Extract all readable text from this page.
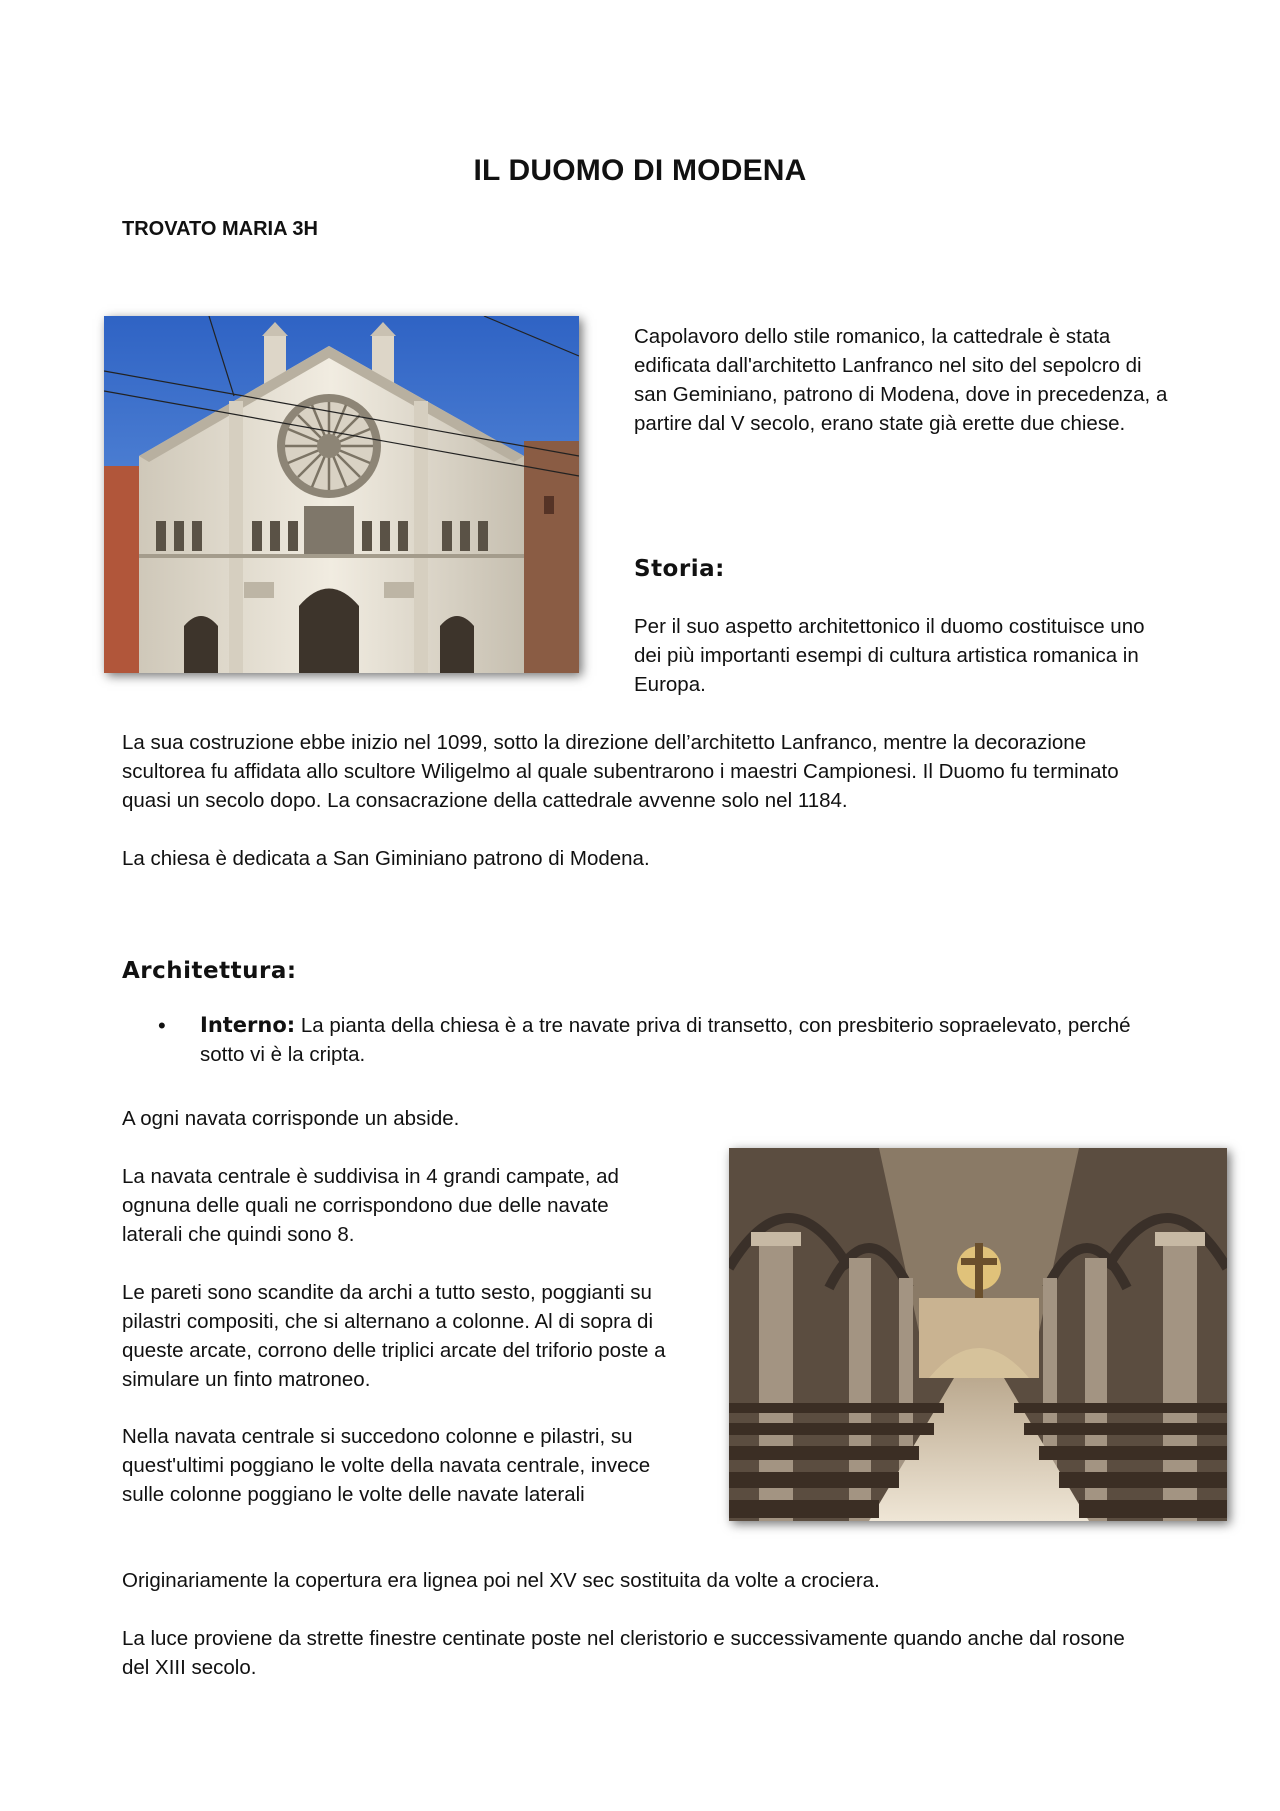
IL DUOMO DI MODENA
TROVATO MARIA 3H

Capolavoro dello stile romanico, la cattedrale è stata edificata dall'architetto Lanfranco nel sito del sepolcro di san Geminiano, patrono di Modena, dove in precedenza, a partire dal V secolo, erano state già erette due chiese.

Storia:

Per il suo aspetto architettonico il duomo costituisce uno dei più importanti esempi di cultura artistica romanica in Europa.

La sua costruzione ebbe inizio nel 1099, sotto la direzione dell’architetto Lanfranco, mentre la decorazione scultorea fu affidata allo scultore Wiligelmo al quale subentrarono i maestri Campionesi. Il Duomo fu terminato quasi un secolo dopo. La consacrazione della cattedrale avvenne solo nel 1184.

La chiesa è dedicata a San Giminiano patrono di Modena.

Architettura:
• Interno: La pianta della chiesa è a tre navate priva di transetto, con presbiterio sopraelevato, perché sotto vi è la cripta.

A ogni navata corrisponde un abside.

La navata centrale è suddivisa in 4 grandi campate, ad ognuna delle quali ne corrispondono due delle navate laterali che quindi sono 8.

Le pareti sono scandite da archi a tutto sesto, poggianti su pilastri compositi, che si alternano a colonne. Al di sopra di queste arcate, corrono delle triplici arcate del triforio poste a simulare un finto matroneo.

Nella navata centrale si succedono colonne e pilastri, su quest'ultimi poggiano le volte della navata centrale, invece sulle colonne poggiano le volte delle navate laterali

Originariamente la copertura era lignea poi nel XV sec sostituita da volte a crociera.

La luce proviene da strette finestre centinate poste nel cleristorio e successivamente quando anche dal rosone del XIII secolo.
